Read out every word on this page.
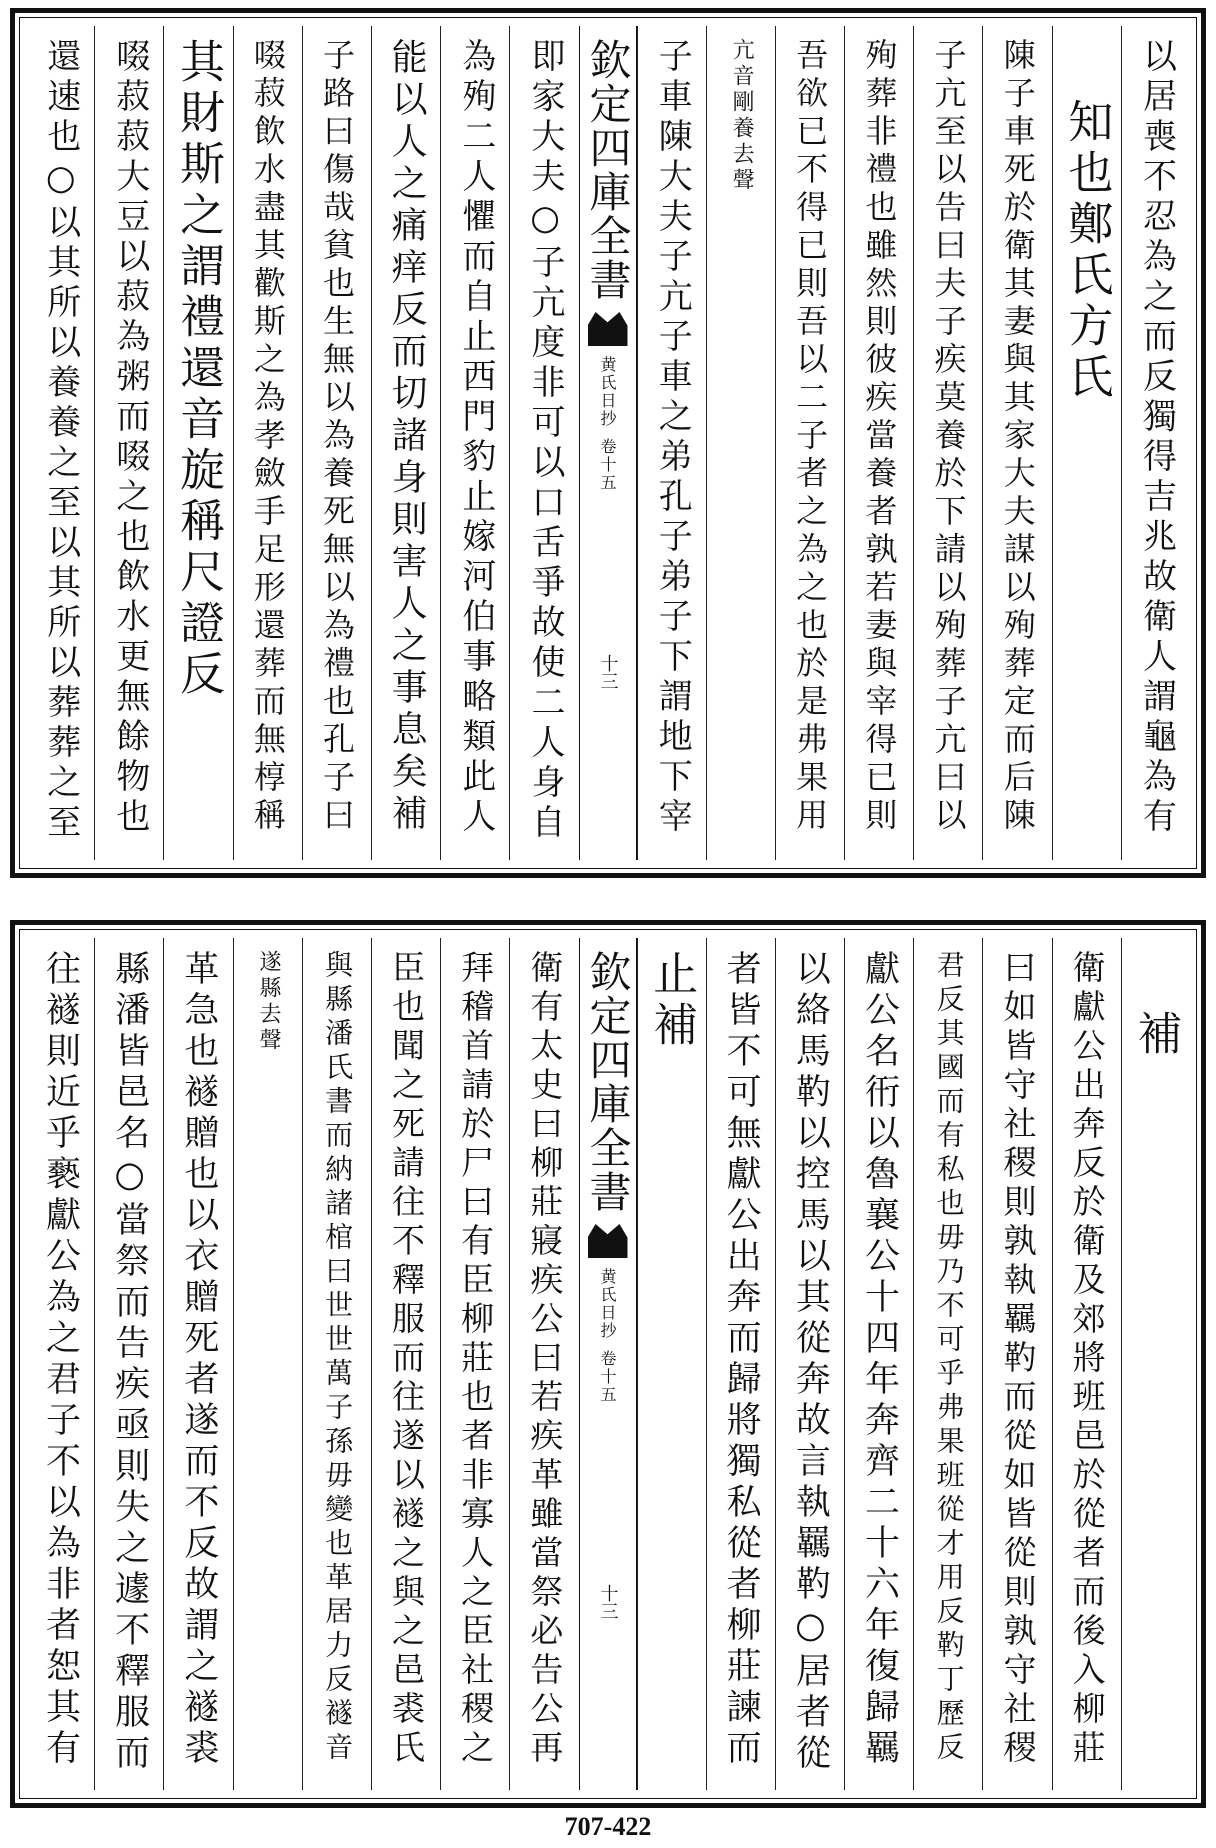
以居喪不忍為之而反獨得吉兆故衛人謂龜為有
知也鄭氏方氏
陳子車死於衛其妻與其家大夫謀以殉葬定而后陳
子亢至以告曰夫子疾莫養於下請以殉葬子亢曰以
殉葬非禮也雖然則彼疾當養者孰若妻與宰得已則
吾欲已不得已則吾以二子者之為之也於是弗果用
亢音剛養去聲
子車陳大夫子亢子車之弟孔子弟子下謂地下宰
欽定四庫全書
黄氏日抄
卷十五
十三
即家大夫○子亢度非可以口舌爭故使二人身自
為殉二人懼而自止西門豹止嫁河伯事略類此人
能以人之痛痒反而切諸身則害人之事息矣補
子路曰傷哉貧也生無以為養死無以為禮也孔子曰
啜菽飲水盡其歡斯之為孝斂手足形還葬而無椁稱
其財斯之謂禮還音旋稱尺證反
啜菽菽大豆以菽為粥而啜之也飲水更無餘物也
還速也○以其所以養養之至以其所以葬葬之至
補
衛獻公出奔反於衛及郊將班邑於從者而後入柳莊
曰如皆守社稷則孰執羈靮而從如皆從則孰守社稷
君反其國而有私也毋乃不可乎弗果班從才用反靮丁歷反
獻公名衎以魯襄公十四年奔齊二十六年復歸羈
以絡馬靮以控馬以其從奔故言執羈靮○居者從
者皆不可無獻公出奔而歸將獨私從者柳莊諫而
止補
欽定四庫全書
黄氏日抄
卷十五
十三
衛有太史曰柳莊寢疾公曰若疾革雖當祭必告公再
拜稽首請於尸曰有臣柳莊也者非寡人之臣社稷之
臣也聞之死請往不釋服而往遂以襚之與之邑裘氏
與縣潘氏書而納諸棺曰世世萬子孫毋變也革居力反襚音
遂縣去聲
革急也襚贈也以衣贈死者遂而不反故謂之襚裘
縣潘皆邑名○當祭而告疾亟則失之遽不釋服而
往襚則近乎褻獻公為之君子不以為非者恕其有
707-422
